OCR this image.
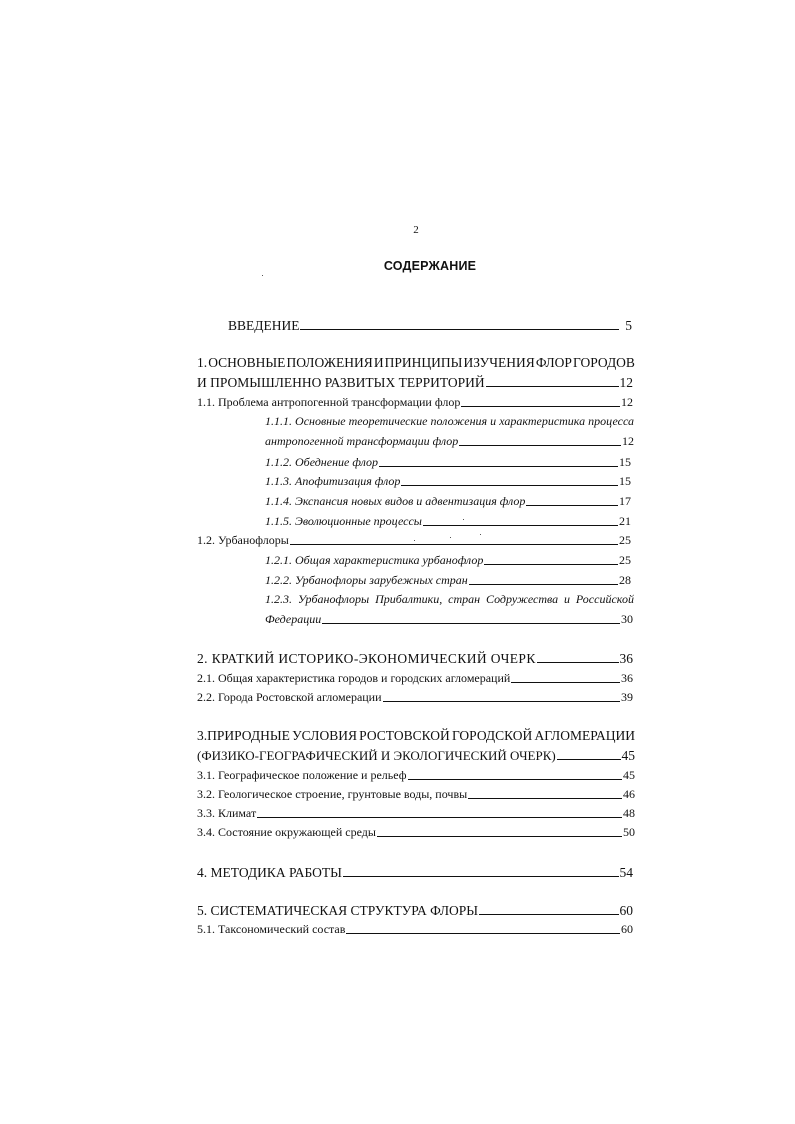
2
СОДЕРЖАНИЕ
ВВЕДЕНИЕ	5
1. ОСНОВНЫЕ ПОЛОЖЕНИЯ И ПРИНЦИПЫ ИЗУЧЕНИЯ ФЛОР ГОРОДОВ
И ПРОМЫШЛЕННО РАЗВИТЫХ ТЕРРИТОРИЙ	12
1.1. Проблема антропогенной трансформации флор	12
1.1.1. Основные теоретические положения и характеристика процесса
антропогенной трансформации флор	12
1.1.2. Обеднение флор	15
1.1.3. Апофитизация флор	15
1.1.4. Экспансия новых видов и адвентизация флор	17
1.1.5. Эволюционные процессы	21
1.2. Урбанофлоры	25
1.2.1. Общая характеристика урбанофлор	25
1.2.2. Урбанофлоры зарубежных стран	28
1.2.3. Урбанофлоры Прибалтики, стран Содружества и Российской
Федерации	30
2. КРАТКИЙ ИСТОРИКО-ЭКОНОМИЧЕСКИЙ ОЧЕРК	36
2.1. Общая характеристика городов и городских агломераций	36
2.2. Города Ростовской агломерации	39
3.ПРИРОДНЫЕ УСЛОВИЯ РОСТОВСКОЙ ГОРОДСКОЙ АГЛОМЕРАЦИИ
(ФИЗИКО-ГЕОГРАФИЧЕСКИЙ И ЭКОЛОГИЧЕСКИЙ ОЧЕРК)	45
3.1. Географическое положение и рельеф	45
3.2. Геологическое строение, грунтовые воды, почвы	46
3.3. Климат	48
3.4. Состояние окружающей среды	50
4. МЕТОДИКА РАБОТЫ	54
5. СИСТЕМАТИЧЕСКАЯ СТРУКТУРА ФЛОРЫ	60
5.1. Таксономический состав	60
